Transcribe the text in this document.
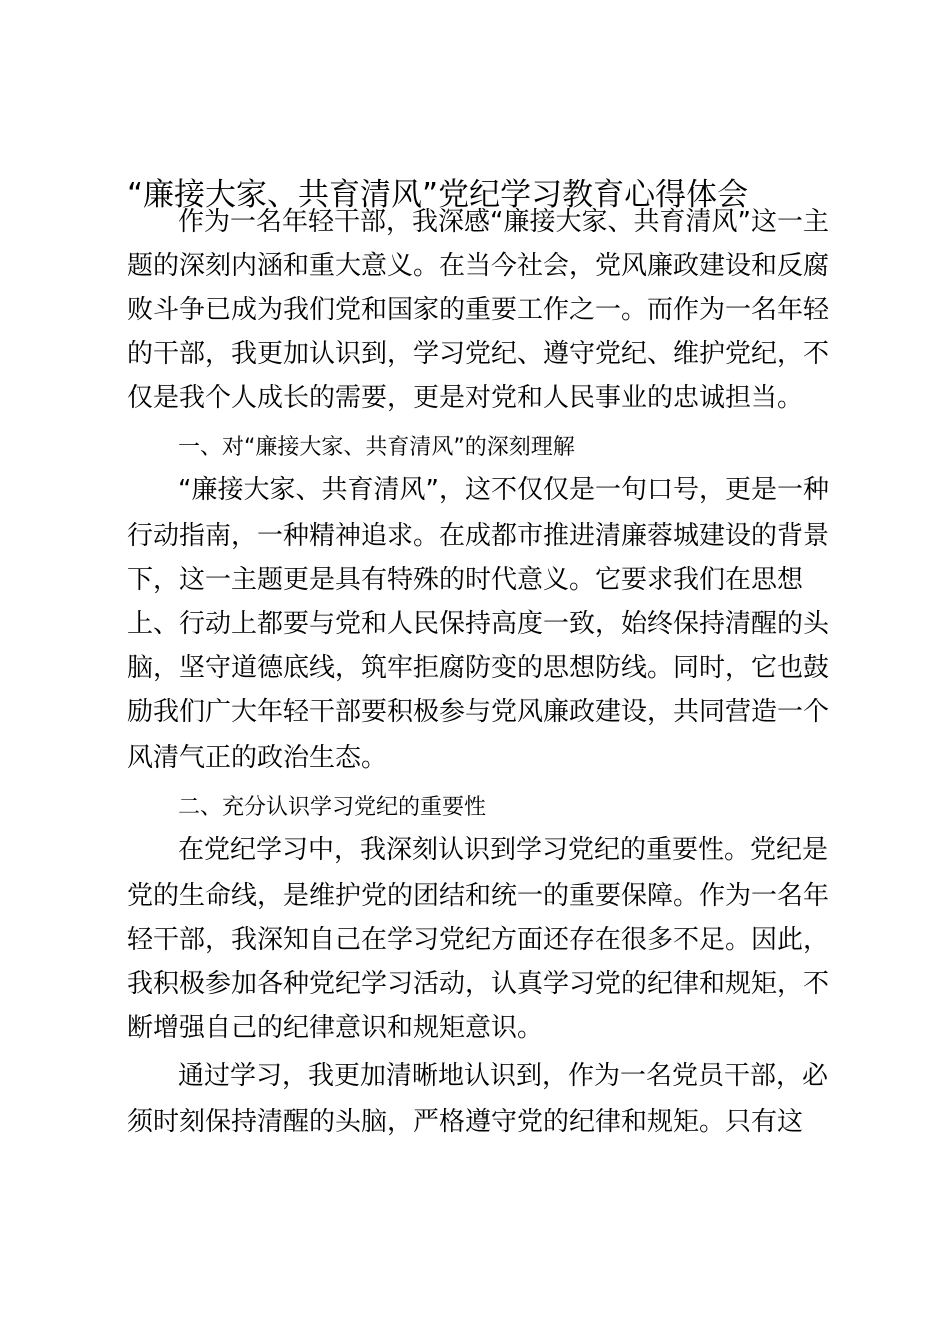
“廉接大家、共育清风”党纪学习教育心得体会

作为一名年轻干部，我深感“廉接大家、共育清风”这一主

题的深刻内涵和重大意义。在当今社会，党风廉政建设和反腐

败斗争已成为我们党和国家的重要工作之一。而作为一名年轻

的干部，我更加认识到，学习党纪、遵守党纪、维护党纪，不

仅是我个人成长的需要，更是对党和人民事业的忠诚担当。

一、对“廉接大家、共育清风”的深刻理解

“廉接大家、共育清风”，这不仅仅是一句口号，更是一种

行动指南，一种精神追求。在成都市推进清廉蓉城建设的背景

下，这一主题更是具有特殊的时代意义。它要求我们在思想

上、行动上都要与党和人民保持高度一致，始终保持清醒的头

脑，坚守道德底线，筑牢拒腐防变的思想防线。同时，它也鼓

励我们广大年轻干部要积极参与党风廉政建设，共同营造一个

风清气正的政治生态。

二、充分认识学习党纪的重要性

在党纪学习中，我深刻认识到学习党纪的重要性。党纪是

党的生命线，是维护党的团结和统一的重要保障。作为一名年

轻干部，我深知自己在学习党纪方面还存在很多不足。因此，

我积极参加各种党纪学习活动，认真学习党的纪律和规矩，不

断增强自己的纪律意识和规矩意识。

通过学习，我更加清晰地认识到，作为一名党员干部，必

须时刻保持清醒的头脑，严格遵守党的纪律和规矩。只有这
